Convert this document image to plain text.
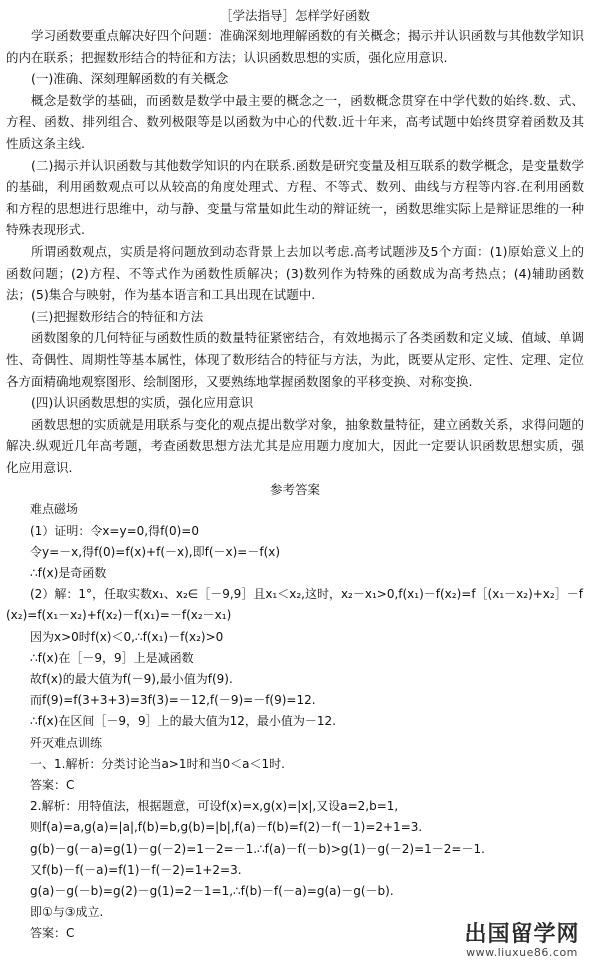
［学法指导］怎样学好函数

学习函数要重点解决好四个问题：准确深刻地理解函数的有关概念；揭示并认识函数与其他数学知识的内在联系；把握数形结合的特征和方法；认识函数思想的实质，强化应用意识.

(一)准确、深刻理解函数的有关概念

概念是数学的基础，而函数是数学中最主要的概念之一，函数概念贯穿在中学代数的始终.数、式、方程、函数、排列组合、数列极限等是以函数为中心的代数.近十年来，高考试题中始终贯穿着函数及其性质这条主线.

(二)揭示并认识函数与其他数学知识的内在联系.函数是研究变量及相互联系的数学概念，是变量数学的基础，利用函数观点可以从较高的角度处理式、方程、不等式、数列、曲线与方程等内容.在利用函数和方程的思想进行思维中，动与静、变量与常量如此生动的辩证统一，函数思维实际上是辩证思维的一种特殊表现形式.

所谓函数观点，实质是将问题放到动态背景上去加以考虑.高考试题涉及5个方面：(1)原始意义上的函数问题；(2)方程、不等式作为函数性质解决；(3)数列作为特殊的函数成为高考热点；(4)辅助函数法；(5)集合与映射，作为基本语言和工具出现在试题中.

(三)把握数形结合的特征和方法

函数图象的几何特征与函数性质的数量特征紧密结合，有效地揭示了各类函数和定义域、值域、单调性、奇偶性、周期性等基本属性，体现了数形结合的特征与方法，为此，既要从定形、定性、定理、定位各方面精确地观察图形、绘制图形，又要熟练地掌握函数图象的平移变换、对称变换.

(四)认识函数思想的实质，强化应用意识

函数思想的实质就是用联系与变化的观点提出数学对象，抽象数量特征，建立函数关系，求得问题的解决.纵观近几年高考题，考查函数思想方法尤其是应用题力度加大，因此一定要认识函数思想实质，强化应用意识.

参考答案

难点磁场

(1）证明：令x=y=0,得f(0)=0

令y=－x,得f(0)=f(x)+f(－x),即f(－x)=－f(x)

∴f(x)是奇函数

(2）解：1°，任取实数x₁、x₂∈［－9,9］且x₁＜x₂,这时，x₂－x₁>0,f(x₁)－f(x₂)=f［(x₁－x₂)+x₂］－f(x₂)=f(x₁－x₂)+f(x₂)－f(x₁)=－f(x₂－x₁)

因为x>0时f(x)＜0,∴f(x₁)－f(x₂)>0

∴f(x)在［－9，9］上是减函数

故f(x)的最大值为f(－9),最小值为f(9).

而f(9)=f(3+3+3)=3f(3)=－12,f(－9)=－f(9)=12.

∴f(x)在区间［－9，9］上的最大值为12，最小值为－12.

歼灭难点训练

一、1.解析：分类讨论当a>1时和当0＜a＜1时.

答案：C

2.解析：用特值法，根据题意，可设f(x)=x,g(x)=|x|,又设a=2,b=1,

则f(a)=a,g(a)=|a|,f(b)=b,g(b)=|b|,f(a)－f(b)=f(2)－f(－1)=2+1=3.

g(b)－g(－a)=g(1)－g(－2)=1－2=－1.∴f(a)－f(－b)>g(1)－g(－2)=1－2=－1.

又f(b)－f(－a)=f(1)－f(－2)=1+2=3.

g(a)－g(－b)=g(2)－g(1)=2－1=1,∴f(b)－f(－a)=g(a)－g(－b).

即①与③成立.

答案：C	出国留学网
www.liuxue86.com
